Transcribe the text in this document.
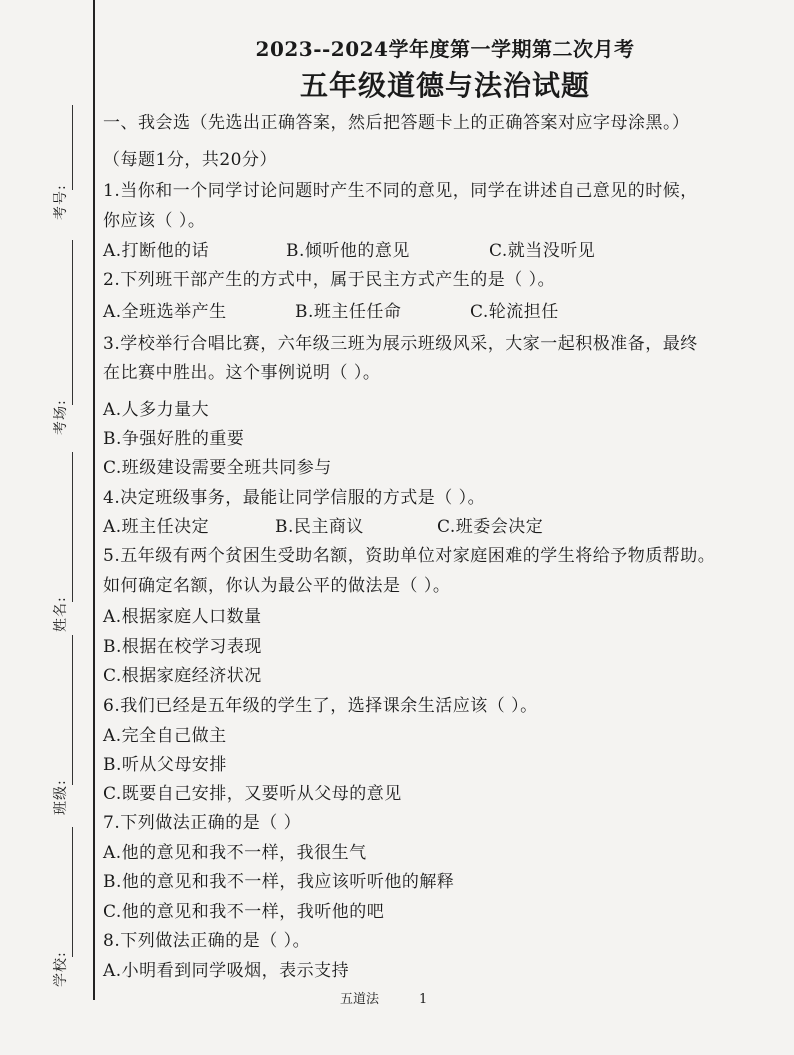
考号:
考场:
姓名:
班级:
学校:
2023--2024学年度第一学期第二次月考
五年级道德与法治试题
一、我会选（先选出正确答案，然后把答题卡上的正确答案对应字母涂黑。）
（每题1分，共20分）
1.当你和一个同学讨论问题时产生不同的意见，同学在讲述自己意见的时候，
你应该（ ）。
A.打断他的话	B.倾听他的意见	C.就当没听见
2.下列班干部产生的方式中，属于民主方式产生的是（ ）。
A.全班选举产生	B.班主任任命	C.轮流担任
3.学校举行合唱比赛，六年级三班为展示班级风采，大家一起积极准备，最终
在比赛中胜出。这个事例说明（ ）。
A.人多力量大
B.争强好胜的重要
C.班级建设需要全班共同参与
4.决定班级事务，最能让同学信服的方式是（ ）。
A.班主任决定	B.民主商议	C.班委会决定
5.五年级有两个贫困生受助名额，资助单位对家庭困难的学生将给予物质帮助。
如何确定名额，你认为最公平的做法是（ ）。
A.根据家庭人口数量
B.根据在校学习表现
C.根据家庭经济状况
6.我们已经是五年级的学生了，选择课余生活应该（ ）。
A.完全自己做主
B.听从父母安排
C.既要自己安排，又要听从父母的意见
7.下列做法正确的是（ ）
A.他的意见和我不一样，我很生气
B.他的意见和我不一样，我应该听听他的解释
C.他的意见和我不一样，我听他的吧
8.下列做法正确的是（ ）。
A.小明看到同学吸烟，表示支持
五道法	1
